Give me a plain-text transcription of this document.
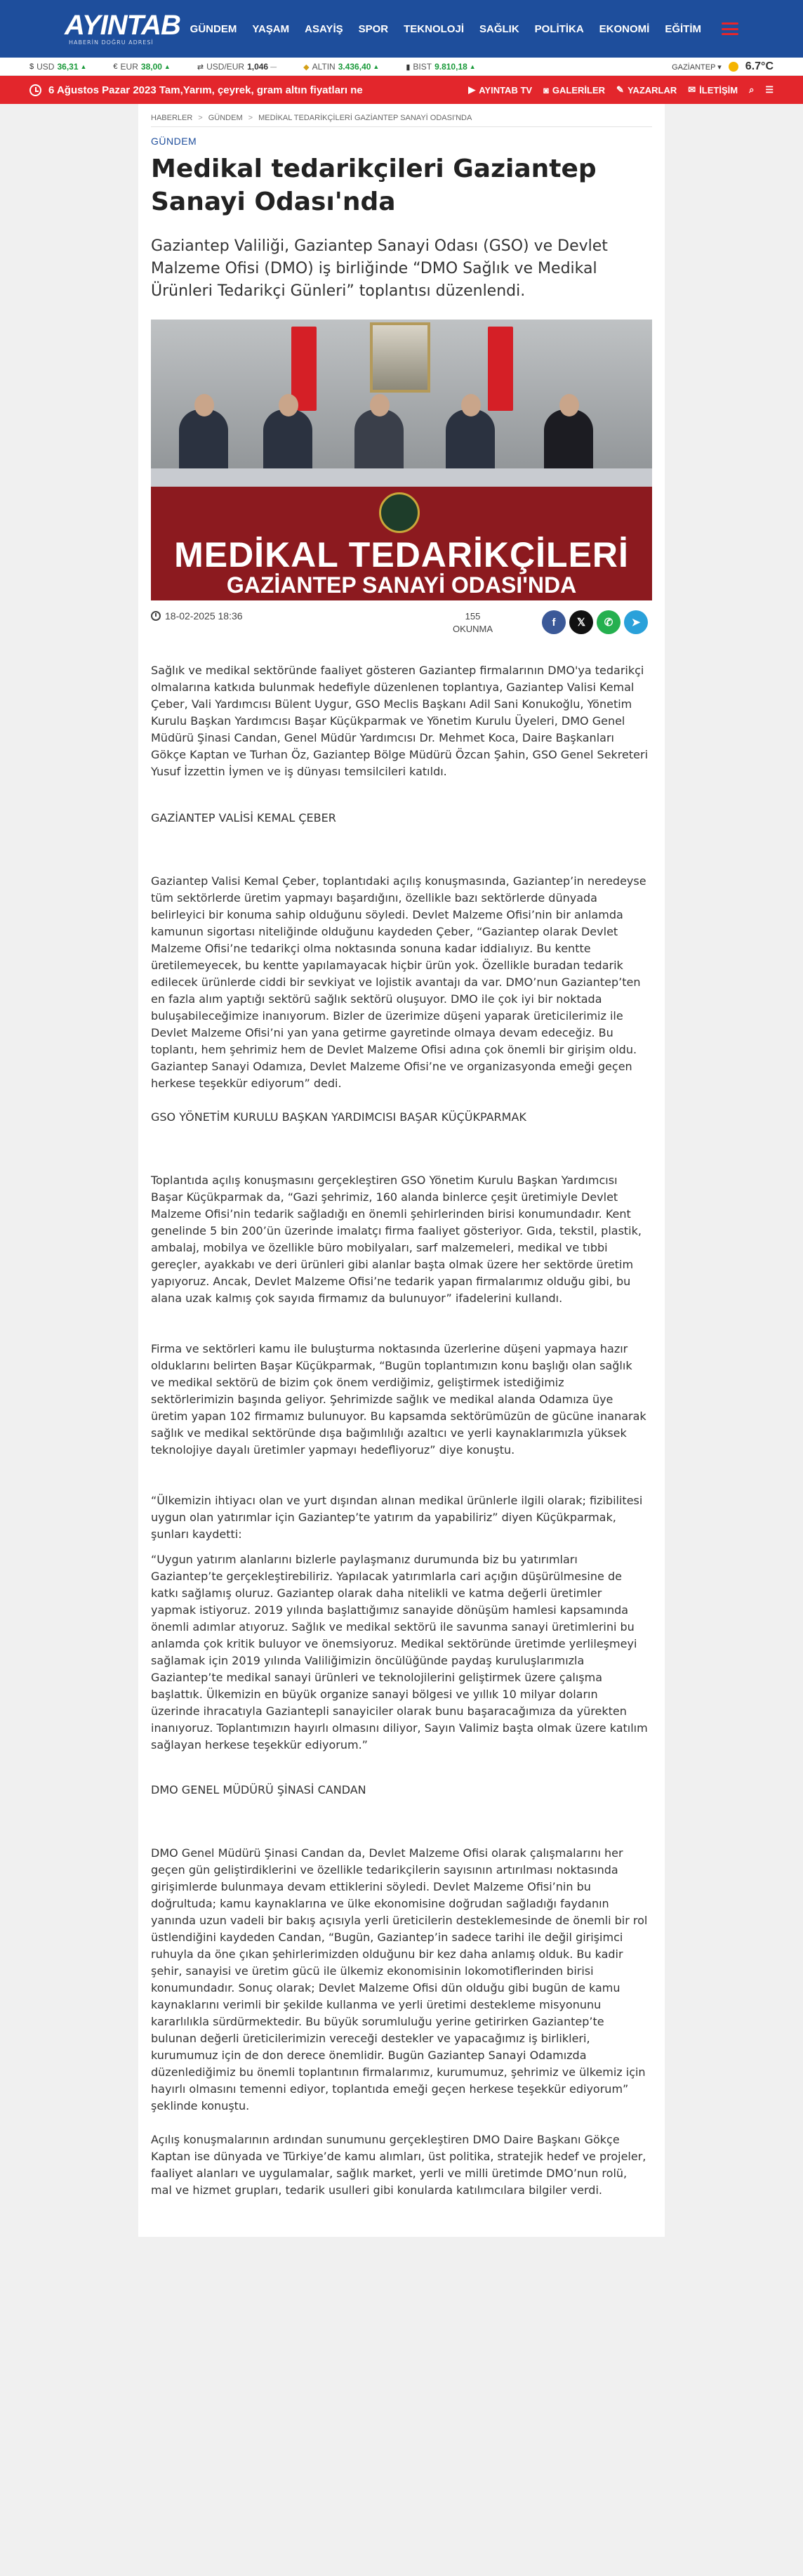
AYINTAB
HABERİN DOĞRU ADRESİ
GÜNDEM	YAŞAM	ASAYİŞ	SPOR	TEKNOLOJİ	SAĞLIK	POLİTİKA	EKONOMİ	EĞİTİM
$ USD 36,31 ▲	€ EUR 38,00 ▲	⇄ USD/EUR 1,046 —	◆ ALTIN 3.436,40 ▲	▮ BIST 9.810,18 ▲	GAZİANTEP ▾ 6.7°C
6 Ağustos Pazar 2023 Tam,Yarım, çeyrek, gram altın fiyatları ne	▶ AYINTAB TV ◙ GALERİLER ✎ YAZARLAR ✉ İLETİŞİM ⌕ ☰
HABERLER > GÜNDEM > MEDİKAL TEDARİKÇİLERİ GAZİANTEP SANAYİ ODASI'NDA
GÜNDEM
Medikal tedarikçileri Gaziantep Sanayi Odası'nda

Gaziantep Valiliği, Gaziantep Sanayi Odası (GSO) ve Devlet Malzeme Ofisi (DMO) iş birliğinde “DMO Sağlık ve Medikal Ürünleri Tedarikçi Günleri” toplantısı düzenlendi.

MEDİKAL TEDARİKÇİLERİ
GAZİANTEP SANAYİ ODASI'NDA
18-02-2025 18:36	155
OKUNMA
f	𝕏	✆	➤

Sağlık ve medikal sektöründe faaliyet gösteren Gaziantep firmalarının DMO'ya tedarikçi olmalarına katkıda bulunmak hedefiyle düzenlenen toplantıya, Gaziantep Valisi Kemal Çeber, Vali Yardımcısı Bülent Uygur, GSO Meclis Başkanı Adil Sani Konukoğlu, Yönetim Kurulu Başkan Yardımcısı Başar Küçükparmak ve Yönetim Kurulu Üyeleri, DMO Genel Müdürü Şinasi Candan, Genel Müdür Yardımcısı Dr. Mehmet Koca, Daire Başkanları Gökçe Kaptan ve Turhan Öz, Gaziantep Bölge Müdürü Özcan Şahin, GSO Genel Sekreteri Yusuf İzzettin İymen ve iş dünyası temsilcileri katıldı.

GAZİANTEP VALİSİ KEMAL ÇEBER

Gaziantep Valisi Kemal Çeber, toplantıdaki açılış konuşmasında, Gaziantep’in neredeyse tüm sektörlerde üretim yapmayı başardığını, özellikle bazı sektörlerde dünyada belirleyici bir konuma sahip olduğunu söyledi. Devlet Malzeme Ofisi’nin bir anlamda kamunun sigortası niteliğinde olduğunu kaydeden Çeber, “Gaziantep olarak Devlet Malzeme Ofisi’ne tedarikçi olma noktasında sonuna kadar iddialıyız. Bu kentte üretilemeyecek, bu kentte yapılamayacak hiçbir ürün yok. Özellikle buradan tedarik edilecek ürünlerde ciddi bir sevkiyat ve lojistik avantajı da var. DMO’nun Gaziantep’ten en fazla alım yaptığı sektörü sağlık sektörü oluşuyor. DMO ile çok iyi bir noktada buluşabileceğimize inanıyorum. Bizler de üzerimize düşeni yaparak üreticilerimiz ile Devlet Malzeme Ofisi’ni yan yana getirme gayretinde olmaya devam edeceğiz. Bu toplantı, hem şehrimiz hem de Devlet Malzeme Ofisi adına çok önemli bir girişim oldu. Gaziantep Sanayi Odamıza, Devlet Malzeme Ofisi’ne ve organizasyonda emeği geçen herkese teşekkür ediyorum” dedi.

GSO YÖNETİM KURULU BAŞKAN YARDIMCISI BAŞAR KÜÇÜKPARMAK

Toplantıda açılış konuşmasını gerçekleştiren GSO Yönetim Kurulu Başkan Yardımcısı Başar Küçükparmak da, “Gazi şehrimiz, 160 alanda binlerce çeşit üretimiyle Devlet Malzeme Ofisi’nin tedarik sağladığı en önemli şehirlerinden birisi konumundadır. Kent genelinde 5 bin 200’ün üzerinde imalatçı firma faaliyet gösteriyor. Gıda, tekstil, plastik, ambalaj, mobilya ve özellikle büro mobilyaları, sarf malzemeleri, medikal ve tıbbi gereçler, ayakkabı ve deri ürünleri gibi alanlar başta olmak üzere her sektörde üretim yapıyoruz. Ancak, Devlet Malzeme Ofisi’ne tedarik yapan firmalarımız olduğu gibi, bu alana uzak kalmış çok sayıda firmamız da bulunuyor” ifadelerini kullandı.

Firma ve sektörleri kamu ile buluşturma noktasında üzerlerine düşeni yapmaya hazır olduklarını belirten Başar Küçükparmak, “Bugün toplantımızın konu başlığı olan sağlık ve medikal sektörü de bizim çok önem verdiğimiz, geliştirmek istediğimiz sektörlerimizin başında geliyor. Şehrimizde sağlık ve medikal alanda Odamıza üye üretim yapan 102 firmamız bulunuyor. Bu kapsamda sektörümüzün de gücüne inanarak sağlık ve medikal sektöründe dışa bağımlılığı azaltıcı ve yerli kaynaklarımızla yüksek teknolojiye dayalı üretimler yapmayı hedefliyoruz” diye konuştu.

“Ülkemizin ihtiyacı olan ve yurt dışından alınan medikal ürünlerle ilgili olarak; fizibilitesi uygun olan yatırımlar için Gaziantep’te yatırım da yapabiliriz” diyen Küçükparmak, şunları kaydetti:

“Uygun yatırım alanlarını bizlerle paylaşmanız durumunda biz bu yatırımları Gaziantep’te gerçekleştirebiliriz. Yapılacak yatırımlarla cari açığın düşürülmesine de katkı sağlamış oluruz. Gaziantep olarak daha nitelikli ve katma değerli üretimler yapmak istiyoruz. 2019 yılında başlattığımız sanayide dönüşüm hamlesi kapsamında önemli adımlar atıyoruz. Sağlık ve medikal sektörü ile savunma sanayi üretimlerini bu anlamda çok kritik buluyor ve önemsiyoruz. Medikal sektöründe üretimde yerlileşmeyi sağlamak için 2019 yılında Valiliğimizin öncülüğünde paydaş kuruluşlarımızla Gaziantep’te medikal sanayi ürünleri ve teknolojilerini geliştirmek üzere çalışma başlattık. Ülkemizin en büyük organize sanayi bölgesi ve yıllık 10 milyar doların üzerinde ihracatıyla Gaziantepli sanayiciler olarak bunu başaracağımıza da yürekten inanıyoruz. Toplantımızın hayırlı olmasını diliyor, Sayın Valimiz başta olmak üzere katılım sağlayan herkese teşekkür ediyorum.”

DMO GENEL MÜDÜRÜ ŞİNASİ CANDAN

DMO Genel Müdürü Şinasi Candan da, Devlet Malzeme Ofisi olarak çalışmalarını her geçen gün geliştirdiklerini ve özellikle tedarikçilerin sayısının artırılması noktasında girişimlerde bulunmaya devam ettiklerini söyledi. Devlet Malzeme Ofisi’nin bu doğrultuda; kamu kaynaklarına ve ülke ekonomisine doğrudan sağladığı faydanın yanında uzun vadeli bir bakış açısıyla yerli üreticilerin desteklemesinde de önemli bir rol üstlendiğini kaydeden Candan, “Bugün, Gaziantep’in sadece tarihi ile değil girişimci ruhuyla da öne çıkan şehirlerimizden olduğunu bir kez daha anlamış olduk. Bu kadir şehir, sanayisi ve üretim gücü ile ülkemiz ekonomisinin lokomotiflerinden birisi konumundadır. Sonuç olarak; Devlet Malzeme Ofisi dün olduğu gibi bugün de kamu kaynaklarını verimli bir şekilde kullanma ve yerli üretimi destekleme misyonunu kararlılıkla sürdürmektedir. Bu büyük sorumluluğu yerine getirirken Gaziantep’te bulunan değerli üreticilerimizin vereceği destekler ve yapacağımız iş birlikleri, kurumumuz için de don derece önemlidir. Bugün Gaziantep Sanayi Odamızda düzenlediğimiz bu önemli toplantının firmalarımız, kurumumuz, şehrimiz ve ülkemiz için hayırlı olmasını temenni ediyor, toplantıda emeği geçen herkese teşekkür ediyorum” şeklinde konuştu.

Açılış konuşmalarının ardından sunumunu gerçekleştiren DMO Daire Başkanı Gökçe Kaptan ise dünyada ve Türkiye’de kamu alımları, üst politika, stratejik hedef ve projeler, faaliyet alanları ve uygulamalar, sağlık market, yerli ve milli üretimde DMO’nun rolü, mal ve hizmet grupları, tedarik usulleri gibi konularda katılımcılara bilgiler verdi.
